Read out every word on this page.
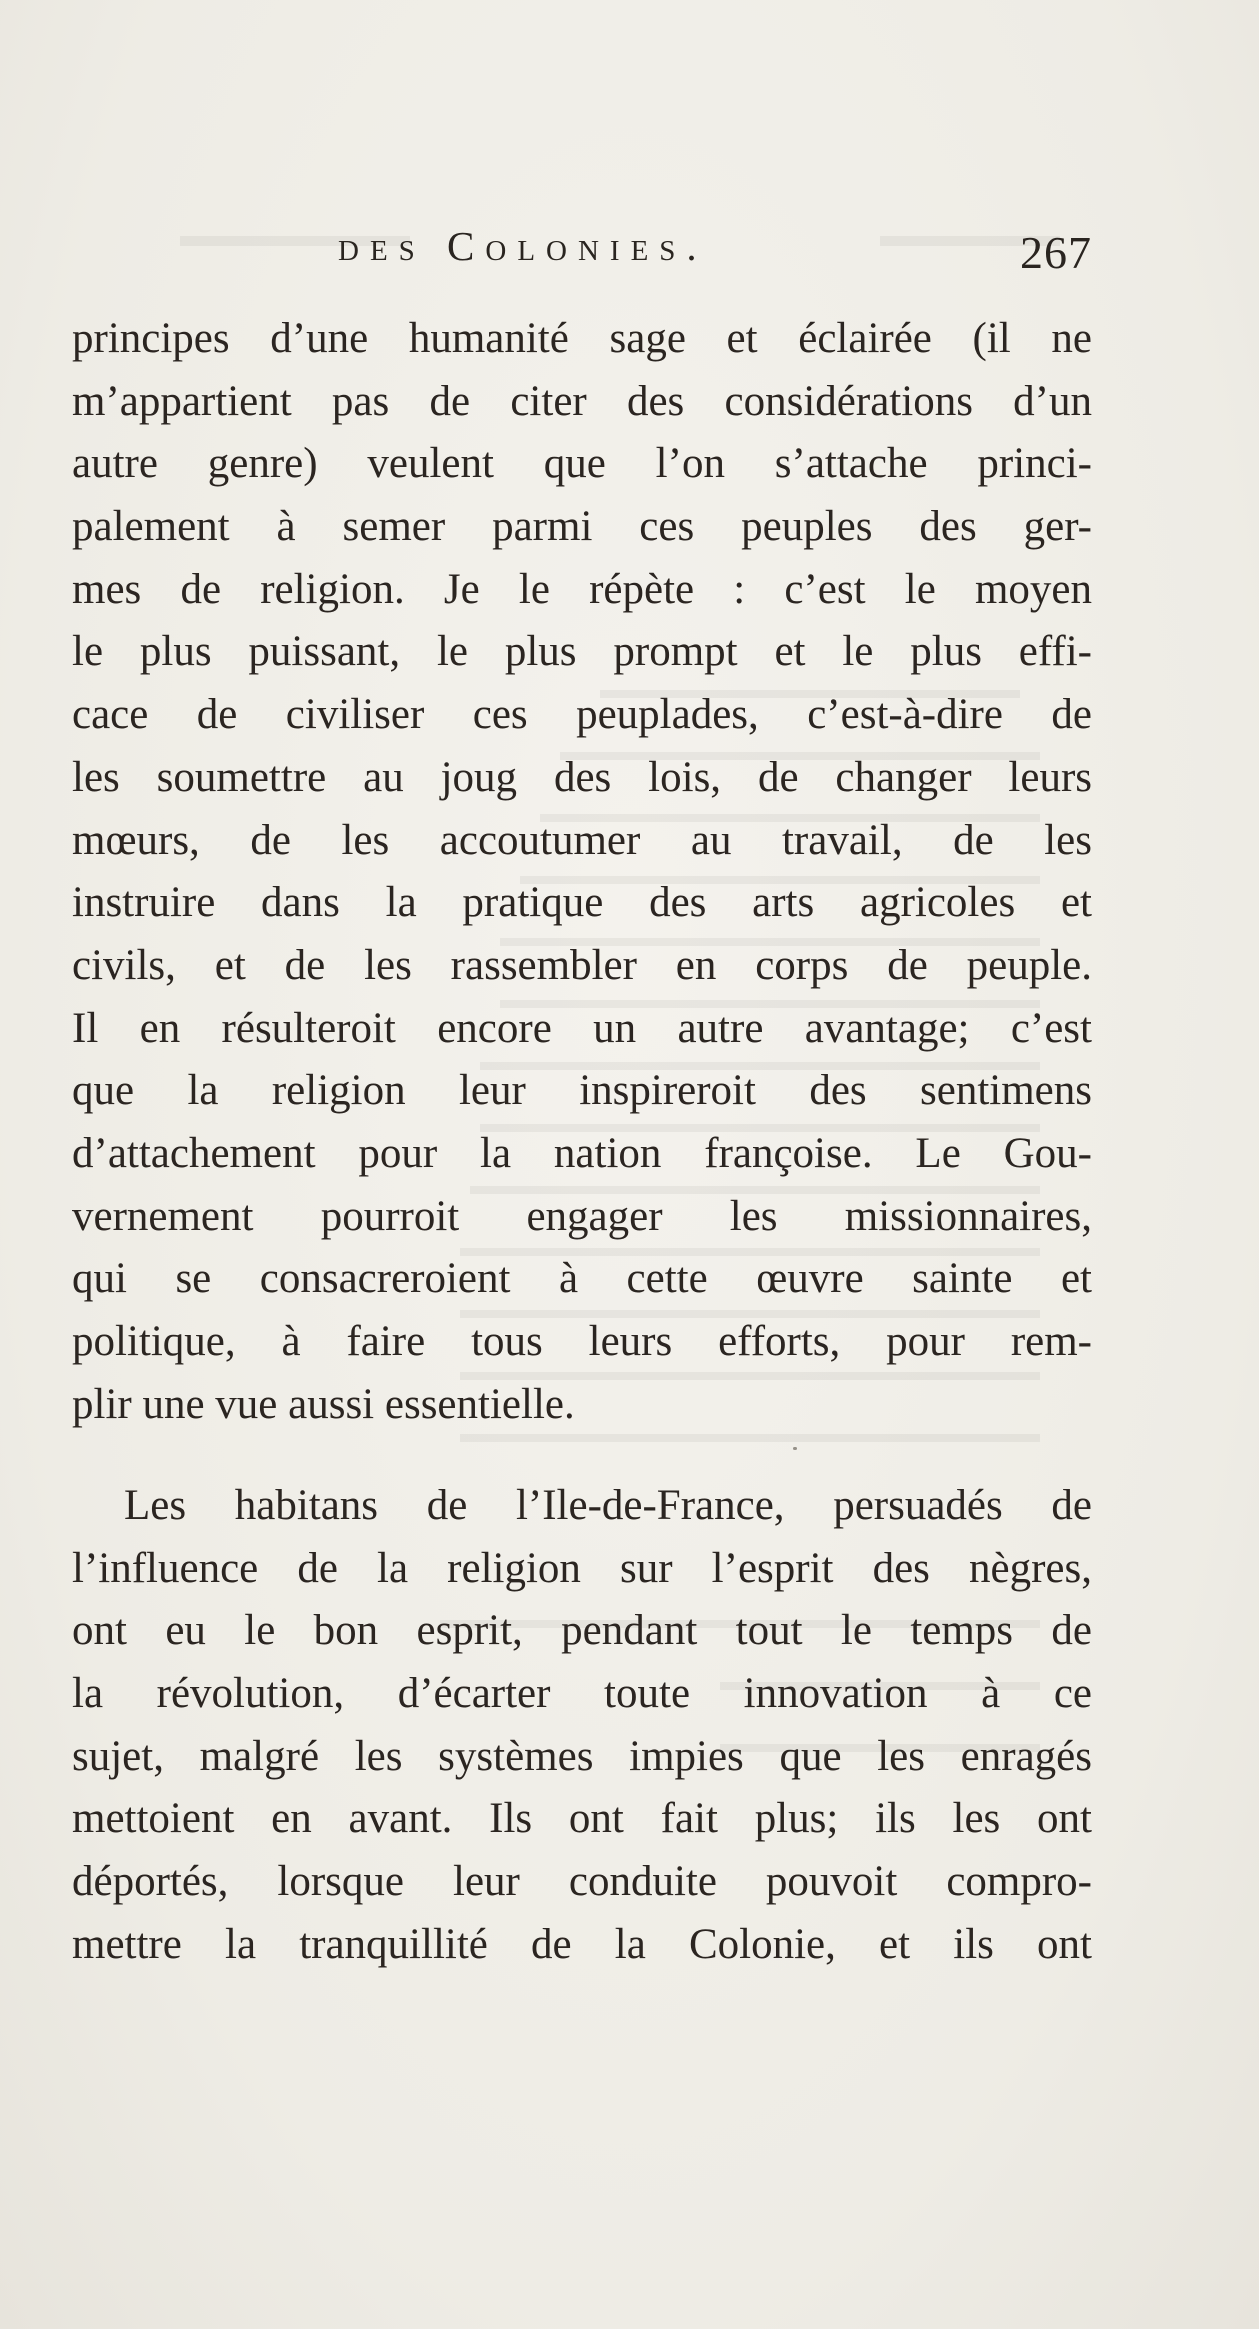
des Colonies.	267
principes d’une humanité sage et éclairée (il ne
m’appartient pas de citer des considérations d’un
autre genre) veulent que l’on s’attache princi-
palement à semer parmi ces peuples des ger-
mes de religion. Je le répète : c’est le moyen
le plus puissant, le plus prompt et le plus effi-
cace de civiliser ces peuplades, c’est-à-dire de
les soumettre au joug des lois, de changer leurs
mœurs, de les accoutumer au travail, de les
instruire dans la pratique des arts agricoles et
civils, et de les rassembler en corps de peuple.
Il en résulteroit encore un autre avantage; c’est
que la religion leur inspireroit des sentimens
d’attachement pour la nation françoise. Le Gou-
vernement pourroit engager les missionnaires,
qui se consacreroient à cette œuvre sainte et
politique, à faire tous leurs efforts, pour rem-
plir une vue aussi essentielle.
Les habitans de l’Ile-de-France, persuadés de
l’influence de la religion sur l’esprit des nègres,
ont eu le bon esprit, pendant tout le temps de
la révolution, d’écarter toute innovation à ce
sujet, malgré les systèmes impies que les enragés
mettoient en avant. Ils ont fait plus; ils les ont
déportés, lorsque leur conduite pouvoit compro-
mettre la tranquillité de la Colonie, et ils ont
